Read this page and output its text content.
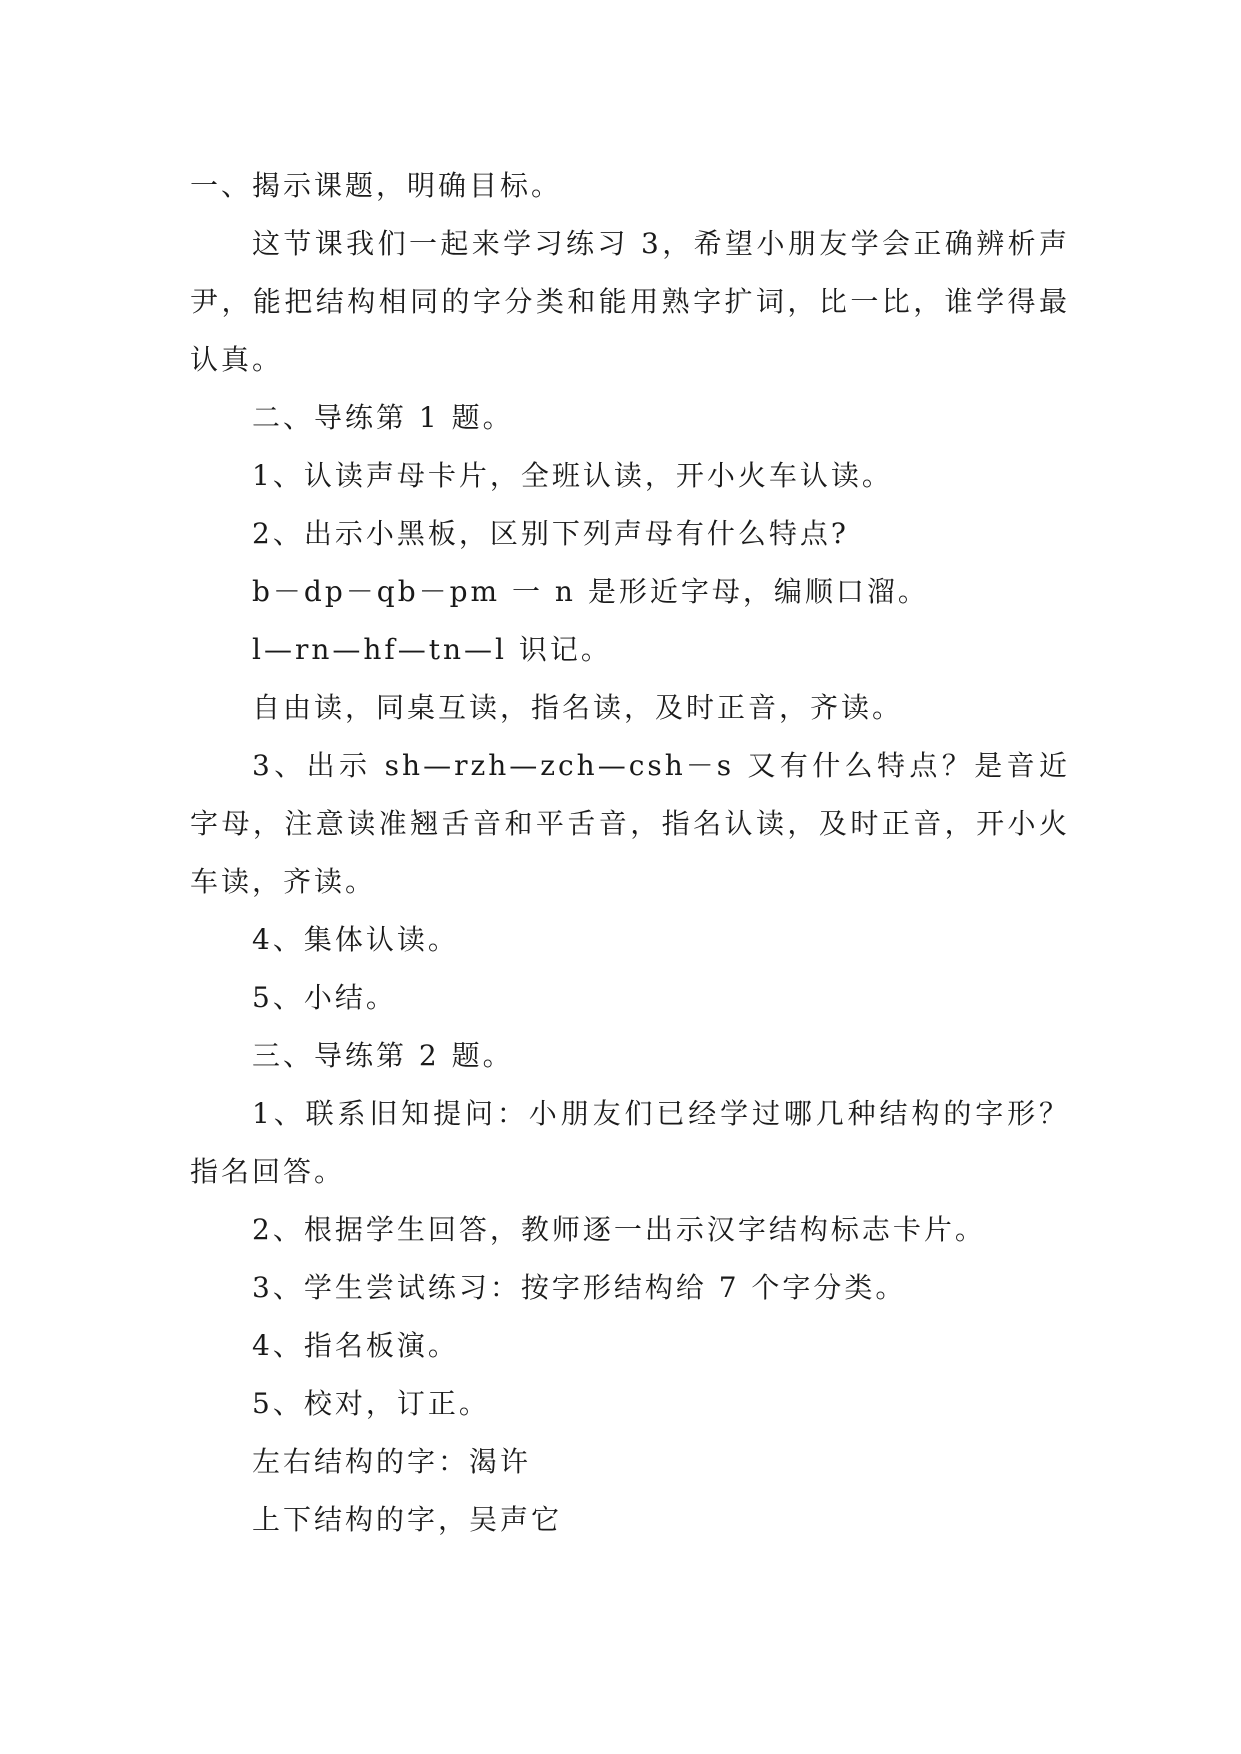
一、揭示课题，明确目标。

这节课我们一起来学习练习 3，希望小朋友学会正确辨析声尹，能把结构相同的字分类和能用熟字扩词，比一比，谁学得最认真。

二、导练第 1 题。

1、认读声母卡片，全班认读，开小火车认读。

2、出示小黑板，区别下列声母有什么特点?

b－dp－qb－pm 一 n 是形近字母，编顺口溜。

l—rn—hf—tn—l 识记。

自由读，同桌互读，指名读，及时正音，齐读。

3、出示 sh—rzh—zch—csh－s 又有什么特点？是音近字母，注意读准翘舌音和平舌音，指名认读，及时正音，开小火车读，齐读。

4、集体认读。

5、小结。

三、导练第 2 题。

1、联系旧知提问：小朋友们已经学过哪几种结构的字形？指名回答。

2、根据学生回答，教师逐一出示汉字结构标志卡片。

3、学生尝试练习：按字形结构给 7 个字分类。

4、指名板演。

5、校对，订正。

左右结构的字：渴许

上下结构的字，吴声它
